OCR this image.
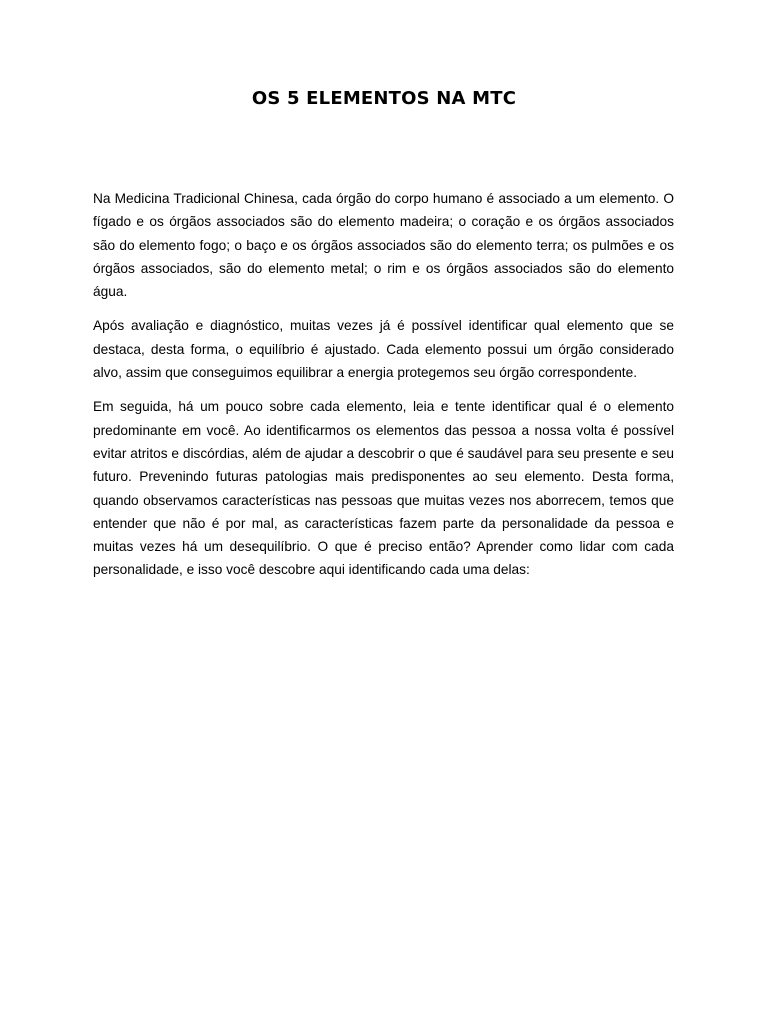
OS 5 ELEMENTOS NA MTC

Na Medicina Tradicional Chinesa, cada órgão do corpo humano é associado a um elemento. O fígado e os órgãos associados são do elemento madeira; o coração e os órgãos associados são do elemento fogo; o baço e os órgãos associados são do elemento terra; os pulmões e os órgãos associados, são do elemento metal; o rim e os órgãos associados são do elemento água.

Após avaliação e diagnóstico, muitas vezes já é possível identificar qual elemento que se destaca, desta forma, o equilíbrio é ajustado. Cada elemento possui um órgão considerado alvo, assim que conseguimos equilibrar a energia protegemos seu órgão correspondente.

Em seguida, há um pouco sobre cada elemento, leia e tente identificar qual é o elemento predominante em você. Ao identificarmos os elementos das pessoa a nossa volta é possível evitar atritos e discórdias, além de ajudar a descobrir o que é saudável para seu presente e seu futuro. Prevenindo futuras patologias mais predisponentes ao seu elemento. Desta forma, quando observamos características nas pessoas que muitas vezes nos aborrecem, temos que entender que não é por mal, as características fazem parte da personalidade da pessoa e muitas vezes há um desequilíbrio. O que é preciso então? Aprender como lidar com cada personalidade, e isso você descobre aqui identificando cada uma delas:
